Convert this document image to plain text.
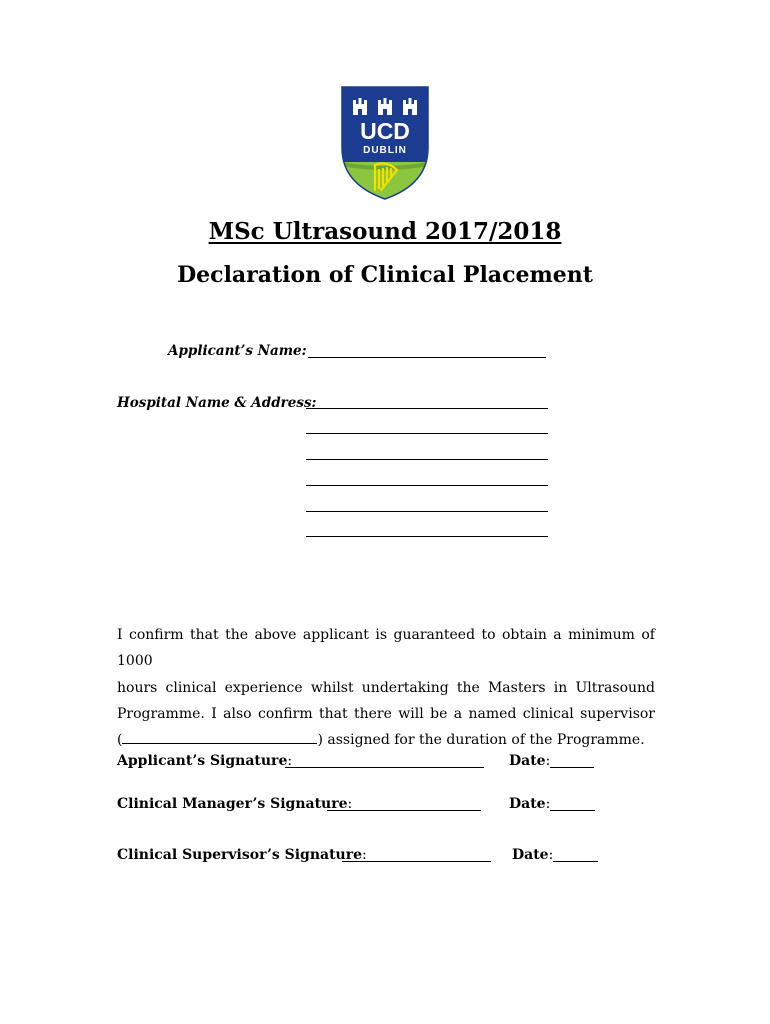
UCD
DUBLIN
MSc Ultrasound 2017/2018
Declaration of Clinical Placement
Applicant’s Name:
Hospital Name & Address:
I confirm that the above applicant is guaranteed to obtain a minimum of 1000
hours clinical experience whilst undertaking the Masters in Ultrasound
Programme. I also confirm that there will be a named clinical supervisor
(	) assigned for the duration of the Programme.
Applicant’s Signature:	Date:
Clinical Manager’s Signature:	Date:
Clinical Supervisor’s Signature:	Date:
